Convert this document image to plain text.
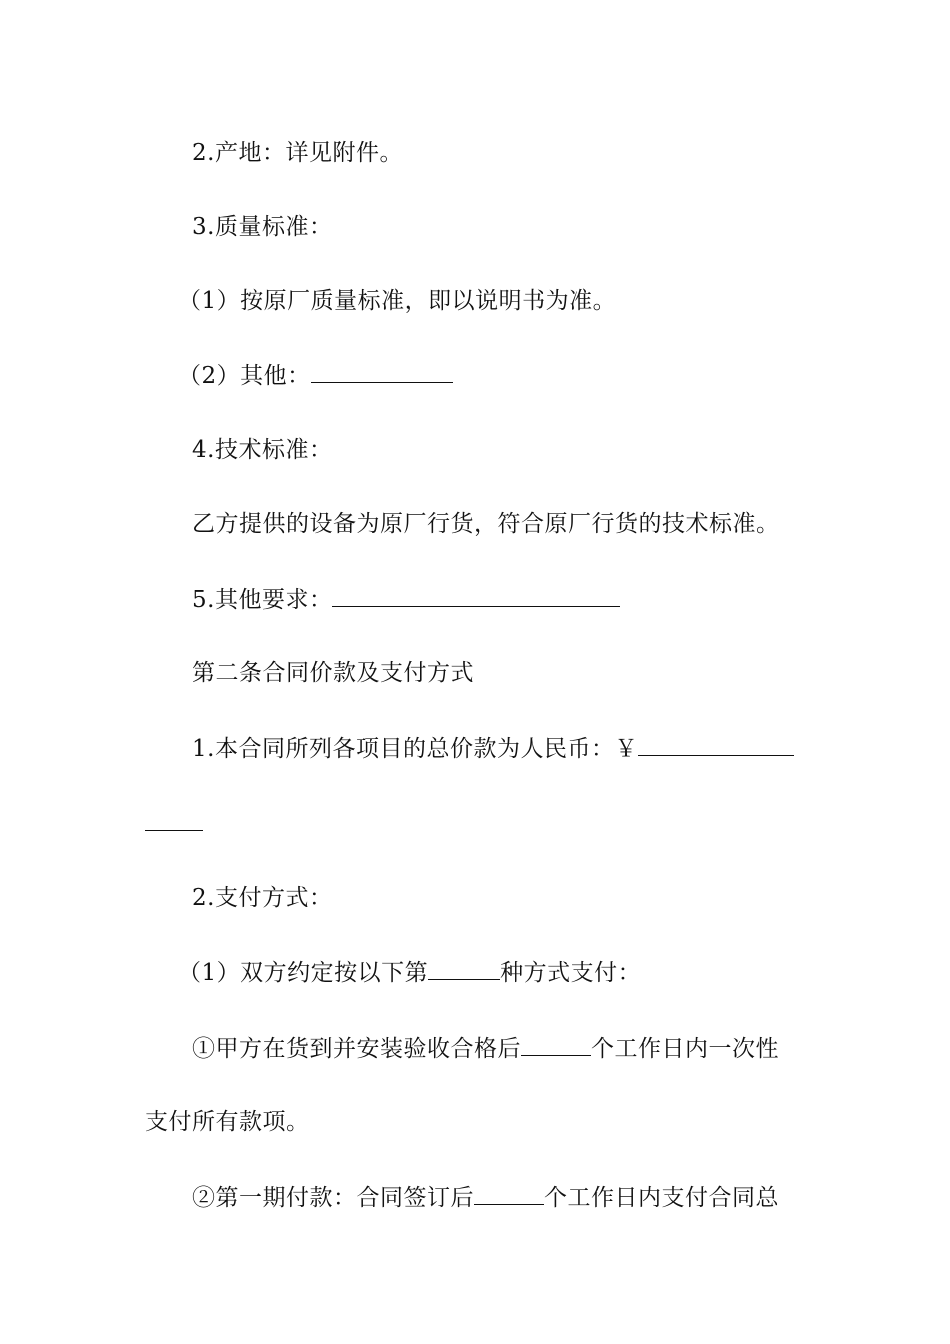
2.产地：详见附件。
3.质量标准：
（1）按原厂质量标准，即以说明书为准。
（2）其他：
4.技术标准：
乙方提供的设备为原厂行货，符合原厂行货的技术标准。
5.其他要求：
第二条合同价款及支付方式
1.本合同所列各项目的总价款为人民币：￥
2.支付方式：
（1）双方约定按以下第	种方式支付：
①甲方在货到并安装验收合格后	个工作日内一次性
支付所有款项。
②第一期付款：合同签订后	个工作日内支付合同总
